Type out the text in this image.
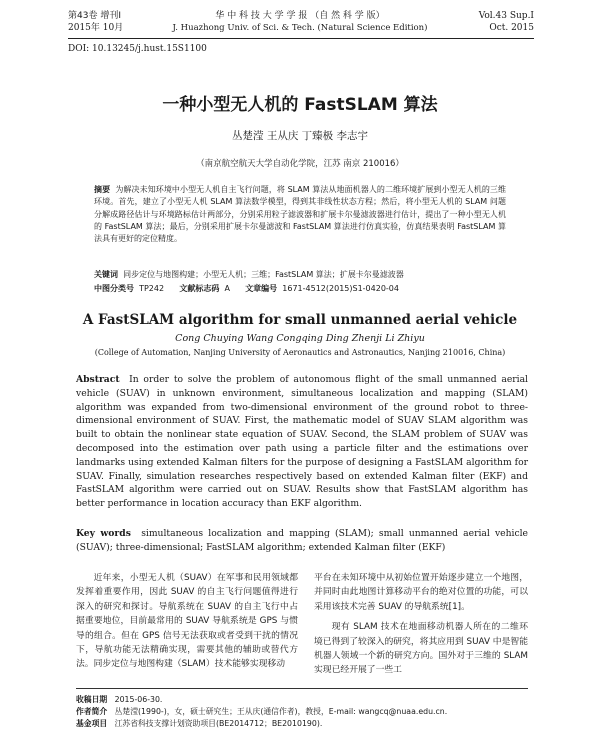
第43卷 增刊Ⅰ
2015年 10月
华 中 科 技 大 学 学 报 （自 然 科 学 版）
J. Huazhong Univ. of Sci. & Tech. (Natural Science Edition)
Vol.43 Sup.Ⅰ
Oct. 2015
DOI: 10.13245/j.hust.15S1100
一种小型无人机的 FastSLAM 算法
丛楚滢 王从庆 丁臻极 李志宇
（南京航空航天大学自动化学院，江苏 南京 210016）
摘要 为解决未知环境中小型无人机自主飞行问题，将 SLAM 算法从地面机器人的二维环境扩展到小型无人机的三维环境。首先，建立了小型无人机 SLAM 算法数学模型，得到其非线性状态方程；然后，将小型无人机的 SLAM 问题分解成路径估计与环境路标估计两部分，分别采用粒子滤波器和扩展卡尔曼滤波器进行估计，提出了一种小型无人机的 FastSLAM 算法；最后，分别采用扩展卡尔曼滤波和 FastSLAM 算法进行仿真实验，仿真结果表明 FastSLAM 算法具有更好的定位精度。
关键词 同步定位与地图构建；小型无人机；三维；FastSLAM 算法；扩展卡尔曼滤波器
中图分类号 TP242 文献标志码 A 文章编号 1671-4512(2015)S1-0420-04
A FastSLAM algorithm for small unmanned aerial vehicle
Cong Chuying Wang Congqing Ding Zhenji Li Zhiyu
(College of Automation, Nanjing University of Aeronautics and Astronautics, Nanjing 210016, China)
Abstract In order to solve the problem of autonomous flight of the small unmanned aerial vehicle (SUAV) in unknown environment, simultaneous localization and mapping (SLAM) algorithm was expanded from two-dimensional environment of the ground robot to three-dimensional environment of SUAV. First, the mathematic model of SUAV SLAM algorithm was built to obtain the nonlinear state equation of SUAV. Second, the SLAM problem of SUAV was decomposed into the estimation over path using a particle filter and the estimations over landmarks using extended Kalman filters for the purpose of designing a FastSLAM algorithm for SUAV. Finally, simulation researches respectively based on extended Kalman filter (EKF) and FastSLAM algorithm were carried out on SUAV. Results show that FastSLAM algorithm has better performance in location accuracy than EKF algorithm.
Key words simultaneous localization and mapping (SLAM); small unmanned aerial vehicle (SUAV); three-dimensional; FastSLAM algorithm; extended Kalman filter (EKF)
近年来，小型无人机（SUAV）在军事和民用领域都发挥着重要作用，因此 SUAV 的自主飞行问题值得进行深入的研究和探讨。导航系统在 SUAV 的自主飞行中占据重要地位，目前最常用的 SUAV 导航系统是 GPS 与惯导的组合。但在 GPS 信号无法获取或者受到干扰的情况下，导航功能无法精确实现，需要其他的辅助或替代方法。同步定位与地图构建（SLAM）技术能够实现移动
平台在未知环境中从初始位置开始逐步建立一个地图，并同时由此地图计算移动平台的绝对位置的功能，可以采用该技术完善 SUAV 的导航系统[1]。
现有 SLAM 技术在地面移动机器人所在的二维环境已得到了较深入的研究，将其应用到 SUAV 中是智能机器人领域一个新的研究方向。国外对于三维的 SLAM 实现已经开展了一些工
收稿日期 2015-06-30.
作者简介 丛楚滢(1990-)，女，硕士研究生；王从庆(通信作者)，教授，E-mail: wangcq@nuaa.edu.cn.
基金项目 江苏省科技支撑计划资助项目(BE2014712；BE2010190).
